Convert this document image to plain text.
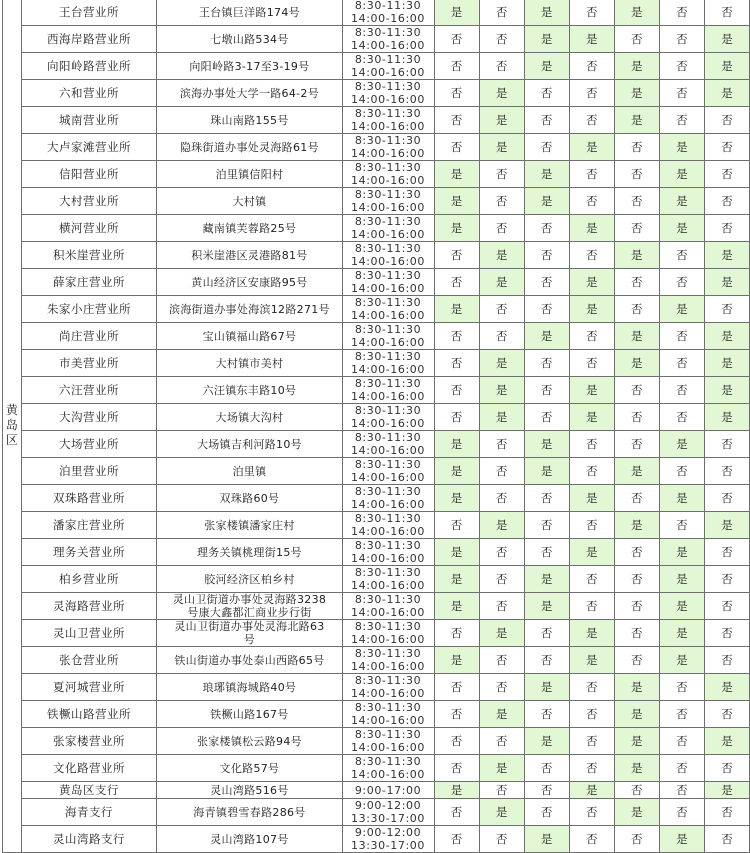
黄岛区	王台营业所	王台镇巨洋路174号	8:30-11:30
14:00-16:00	是	否	是	否	是	否	否
	西海岸路营业所	七墩山路534号	8:30-11:30
14:00-16:00	否	否	是	是	否	否	是
	向阳岭路营业所	向阳岭路3-17至3-19号	8:30-11:30
14:00-16:00	否	否	是	否	是	否	是
	六和营业所	滨海办事处大学一路64-2号	8:30-11:30
14:00-16:00	否	是	否	否	是	否	是
	城南营业所	珠山南路155号	8:30-11:30
14:00-16:00	否	是	否	否	是	否	否
	大卢家滩营业所	隐珠街道办事处灵海路61号	8:30-11:30
14:00-16:00	否	是	否	是	否	是	否
	信阳营业所	泊里镇信阳村	8:30-11:30
14:00-16:00	是	否	是	否	否	是	否
	大村营业所	大村镇	8:30-11:30
14:00-16:00	是	否	是	否	否	是	否
	横河营业所	藏南镇芙蓉路25号	8:30-11:30
14:00-16:00	是	否	否	是	否	是	否
	积米崖营业所	积米崖港区灵港路81号	8:30-11:30
14:00-16:00	否	是	否	否	是	否	是
	薛家庄营业所	黄山经济区安康路95号	8:30-11:30
14:00-16:00	否	是	否	是	否	否	是
	朱家小庄营业所	滨海街道办事处海滨12路271号	8:30-11:30
14:00-16:00	是	否	否	是	否	是	否
	尚庄营业所	宝山镇福山路67号	8:30-11:30
14:00-16:00	否	否	是	否	是	否	是
	市美营业所	大村镇市美村	8:30-11:30
14:00-16:00	否	是	否	否	是	否	是
	六汪营业所	六汪镇东丰路10号	8:30-11:30
14:00-16:00	否	是	否	是	否	否	是
	大沟营业所	大场镇大沟村	8:30-11:30
14:00-16:00	否	是	否	是	否	否	是
	大场营业所	大场镇吉利河路10号	8:30-11:30
14:00-16:00	是	否	是	否	否	是	否
	泊里营业所	泊里镇	8:30-11:30
14:00-16:00	是	否	是	否	是	否	否
	双珠路营业所	双珠路60号	8:30-11:30
14:00-16:00	是	否	否	是	否	是	否
	潘家庄营业所	张家楼镇潘家庄村	8:30-11:30
14:00-16:00	否	是	否	否	是	否	是
	理务关营业所	理务关镇桃理街15号	8:30-11:30
14:00-16:00	是	否	否	是	否	是	否
	柏乡营业所	胶河经济区柏乡村	8:30-11:30
14:00-16:00	是	否	是	否	否	是	否
	灵海路营业所	灵山卫街道办事处灵海路3238
号康大鑫都汇商业步行街	8:30-11:30
14:00-16:00	是	否	是	否	否	是	否
	灵山卫营业所	灵山卫街道办事处灵海北路63
号	8:30-11:30
14:00-16:00	否	是	否	是	否	是	否
	张仓营业所	铁山街道办事处泰山西路65号	8:30-11:30
14:00-16:00	是	否	否	是	否	是	否
	夏河城营业所	琅琊镇海城路40号	8:30-11:30
14:00-16:00	否	否	是	否	是	否	是
	铁橛山路营业所	铁橛山路167号	8:30-11:30
14:00-16:00	否	是	否	否	是	否	否
	张家楼营业所	张家楼镇松云路94号	8:30-11:30
14:00-16:00	否	否	是	否	是	否	是
	文化路营业所	文化路57号	8:30-11:30
14:00-16:00	否	是	否	否	是	否	否
	黄岛区支行	灵山湾路516号	9:00-17:00	是	否	否	是	否	否	是
	海青支行	海青镇碧雪春路286号	9:00-12:00
13:30-17:00	否	是	否	否	是	否	否
	灵山湾路支行	灵山湾路107号	9:00-12:00
13:30-17:00	否	否	是	否	否	是	否
